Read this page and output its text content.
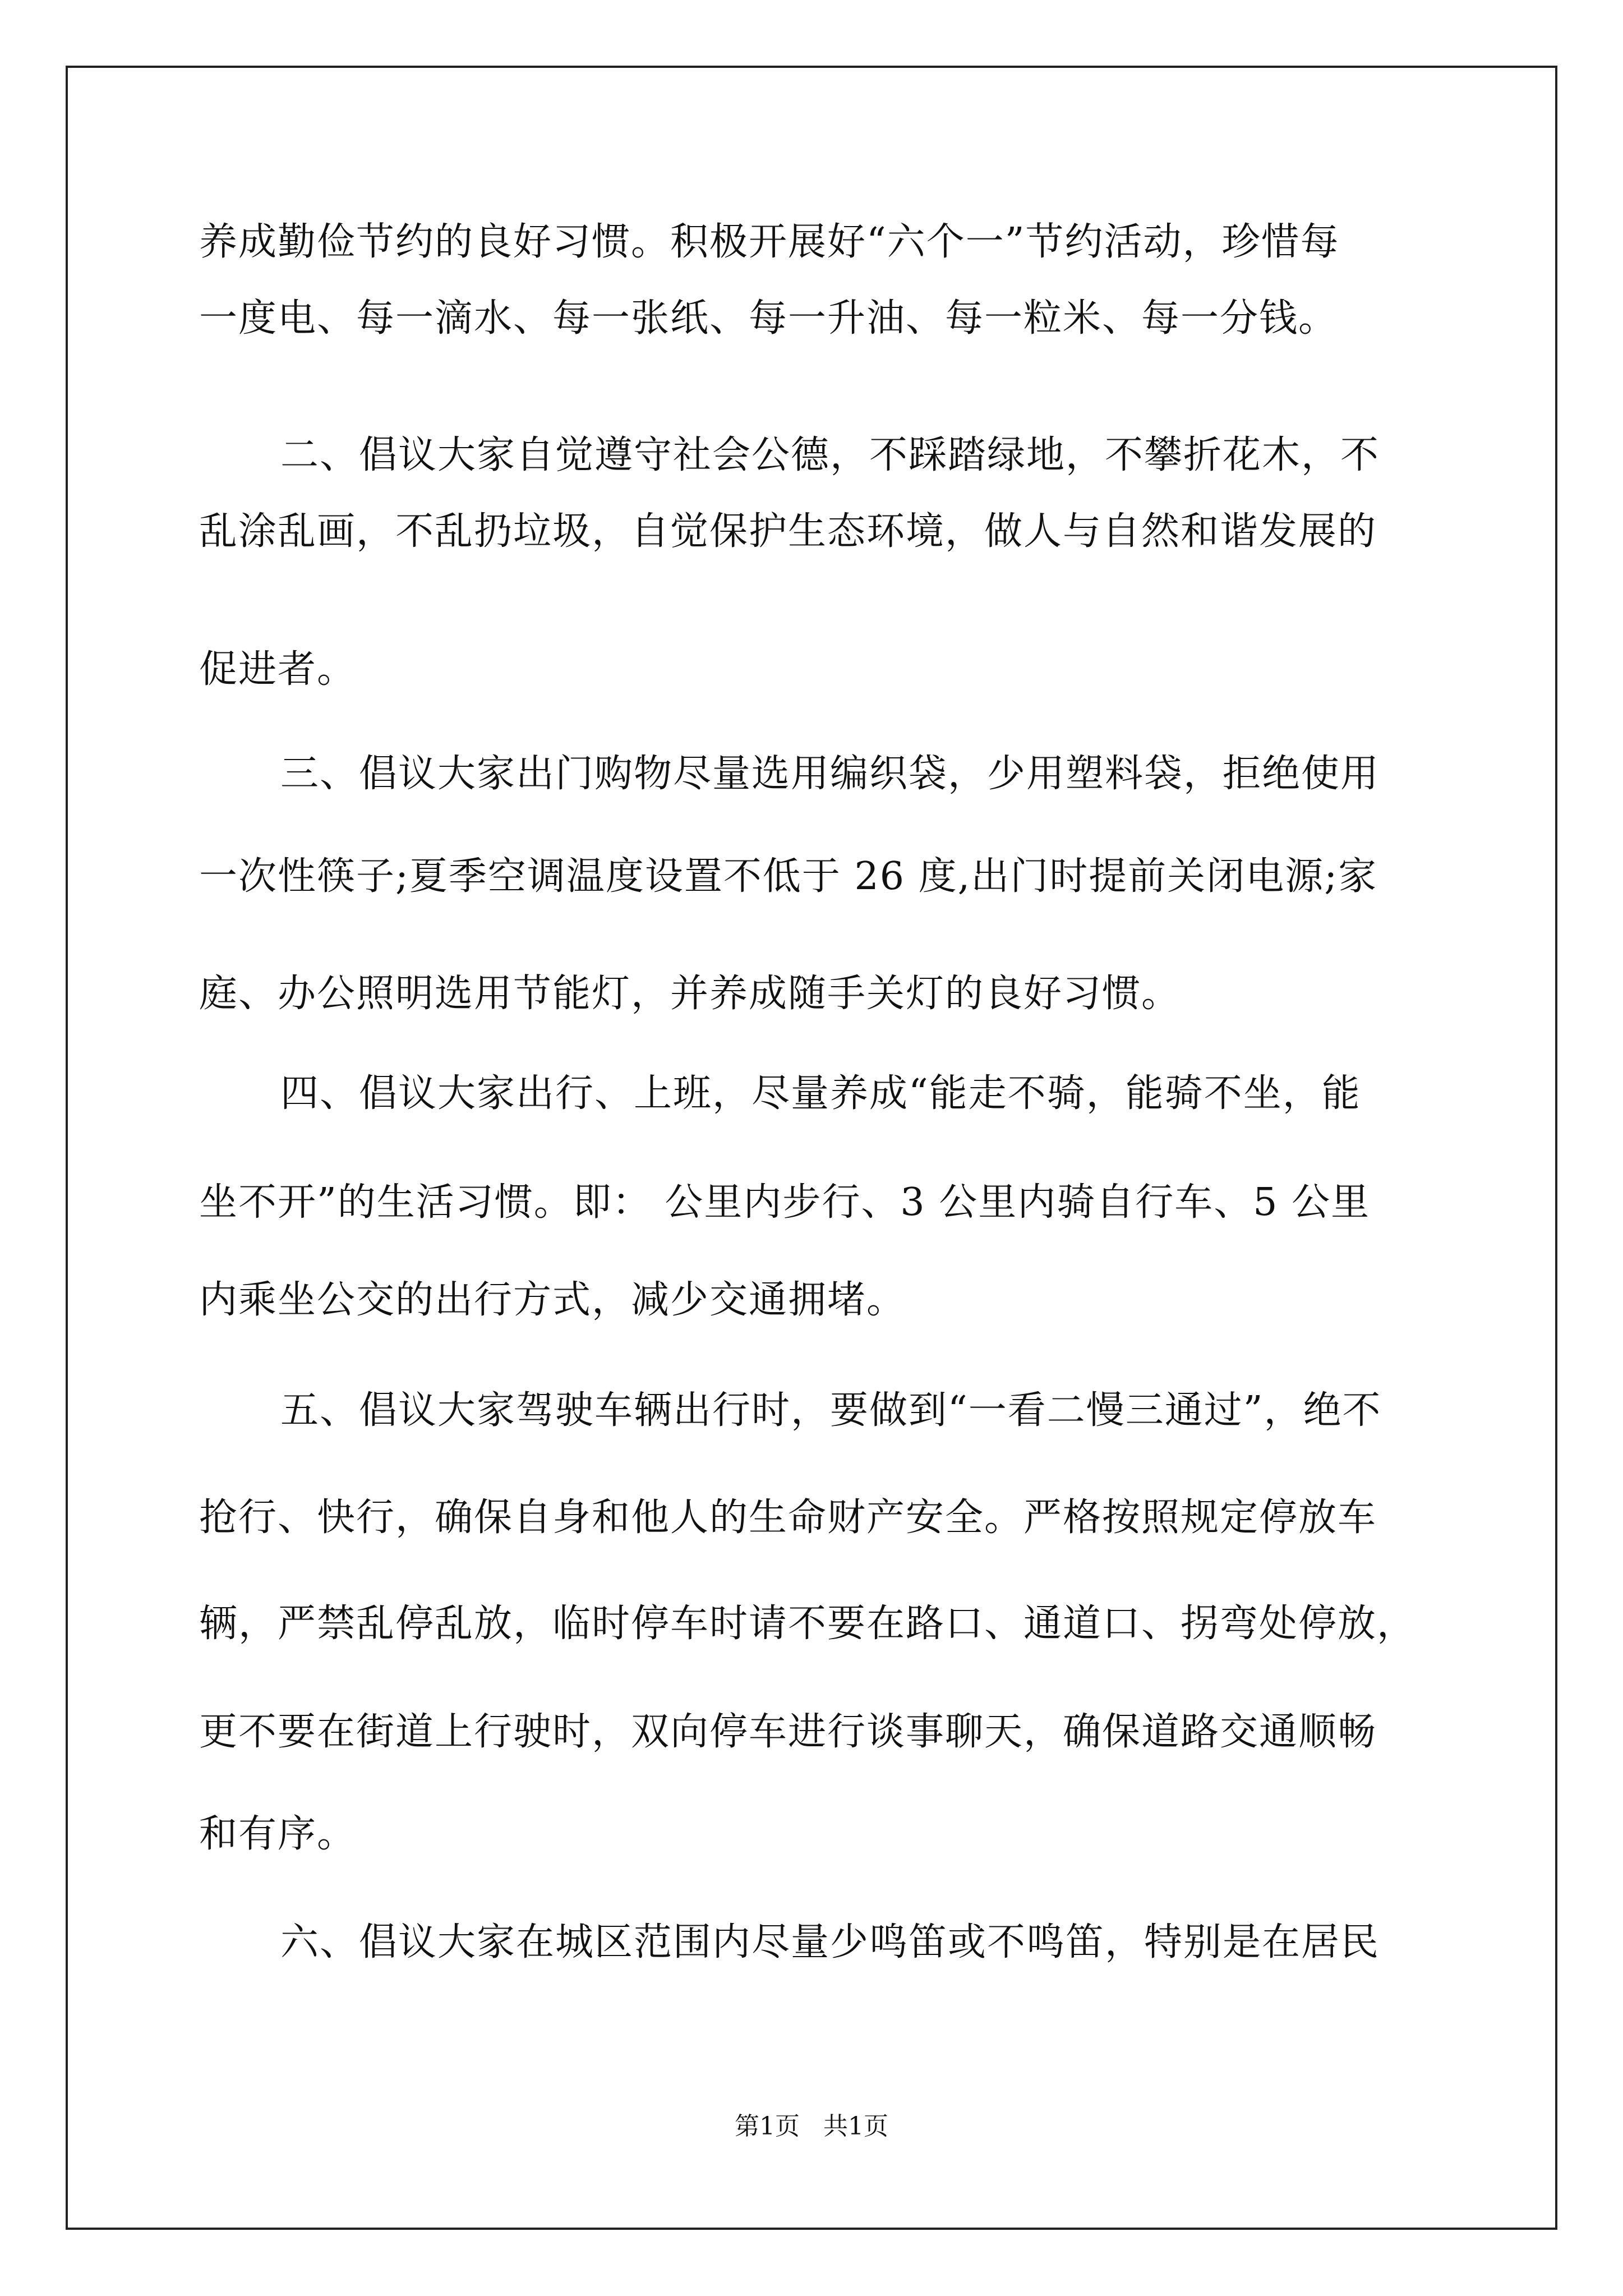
养成勤俭节约的良好习惯。积极开展好“六个一”节约活动，珍惜每
一度电、每一滴水、每一张纸、每一升油、每一粒米、每一分钱。
二、倡议大家自觉遵守社会公德，不踩踏绿地，不攀折花木，不
乱涂乱画，不乱扔垃圾，自觉保护生态环境，做人与自然和谐发展的
促进者。
三、倡议大家出门购物尽量选用编织袋，少用塑料袋，拒绝使用
一次性筷子;夏季空调温度设置不低于 26 度,出门时提前关闭电源;家
庭、办公照明选用节能灯，并养成随手关灯的良好习惯。
四、倡议大家出行、上班，尽量养成“能走不骑，能骑不坐，能
坐不开”的生活习惯。即： 公里内步行、3 公里内骑自行车、5 公里
内乘坐公交的出行方式，减少交通拥堵。
五、倡议大家驾驶车辆出行时，要做到“一看二慢三通过”，绝不
抢行、快行，确保自身和他人的生命财产安全。严格按照规定停放车
辆，严禁乱停乱放，临时停车时请不要在路口、通道口、拐弯处停放，
更不要在街道上行驶时，双向停车进行谈事聊天，确保道路交通顺畅
和有序。
六、倡议大家在城区范围内尽量少鸣笛或不鸣笛，特别是在居民
第1页   共1页
